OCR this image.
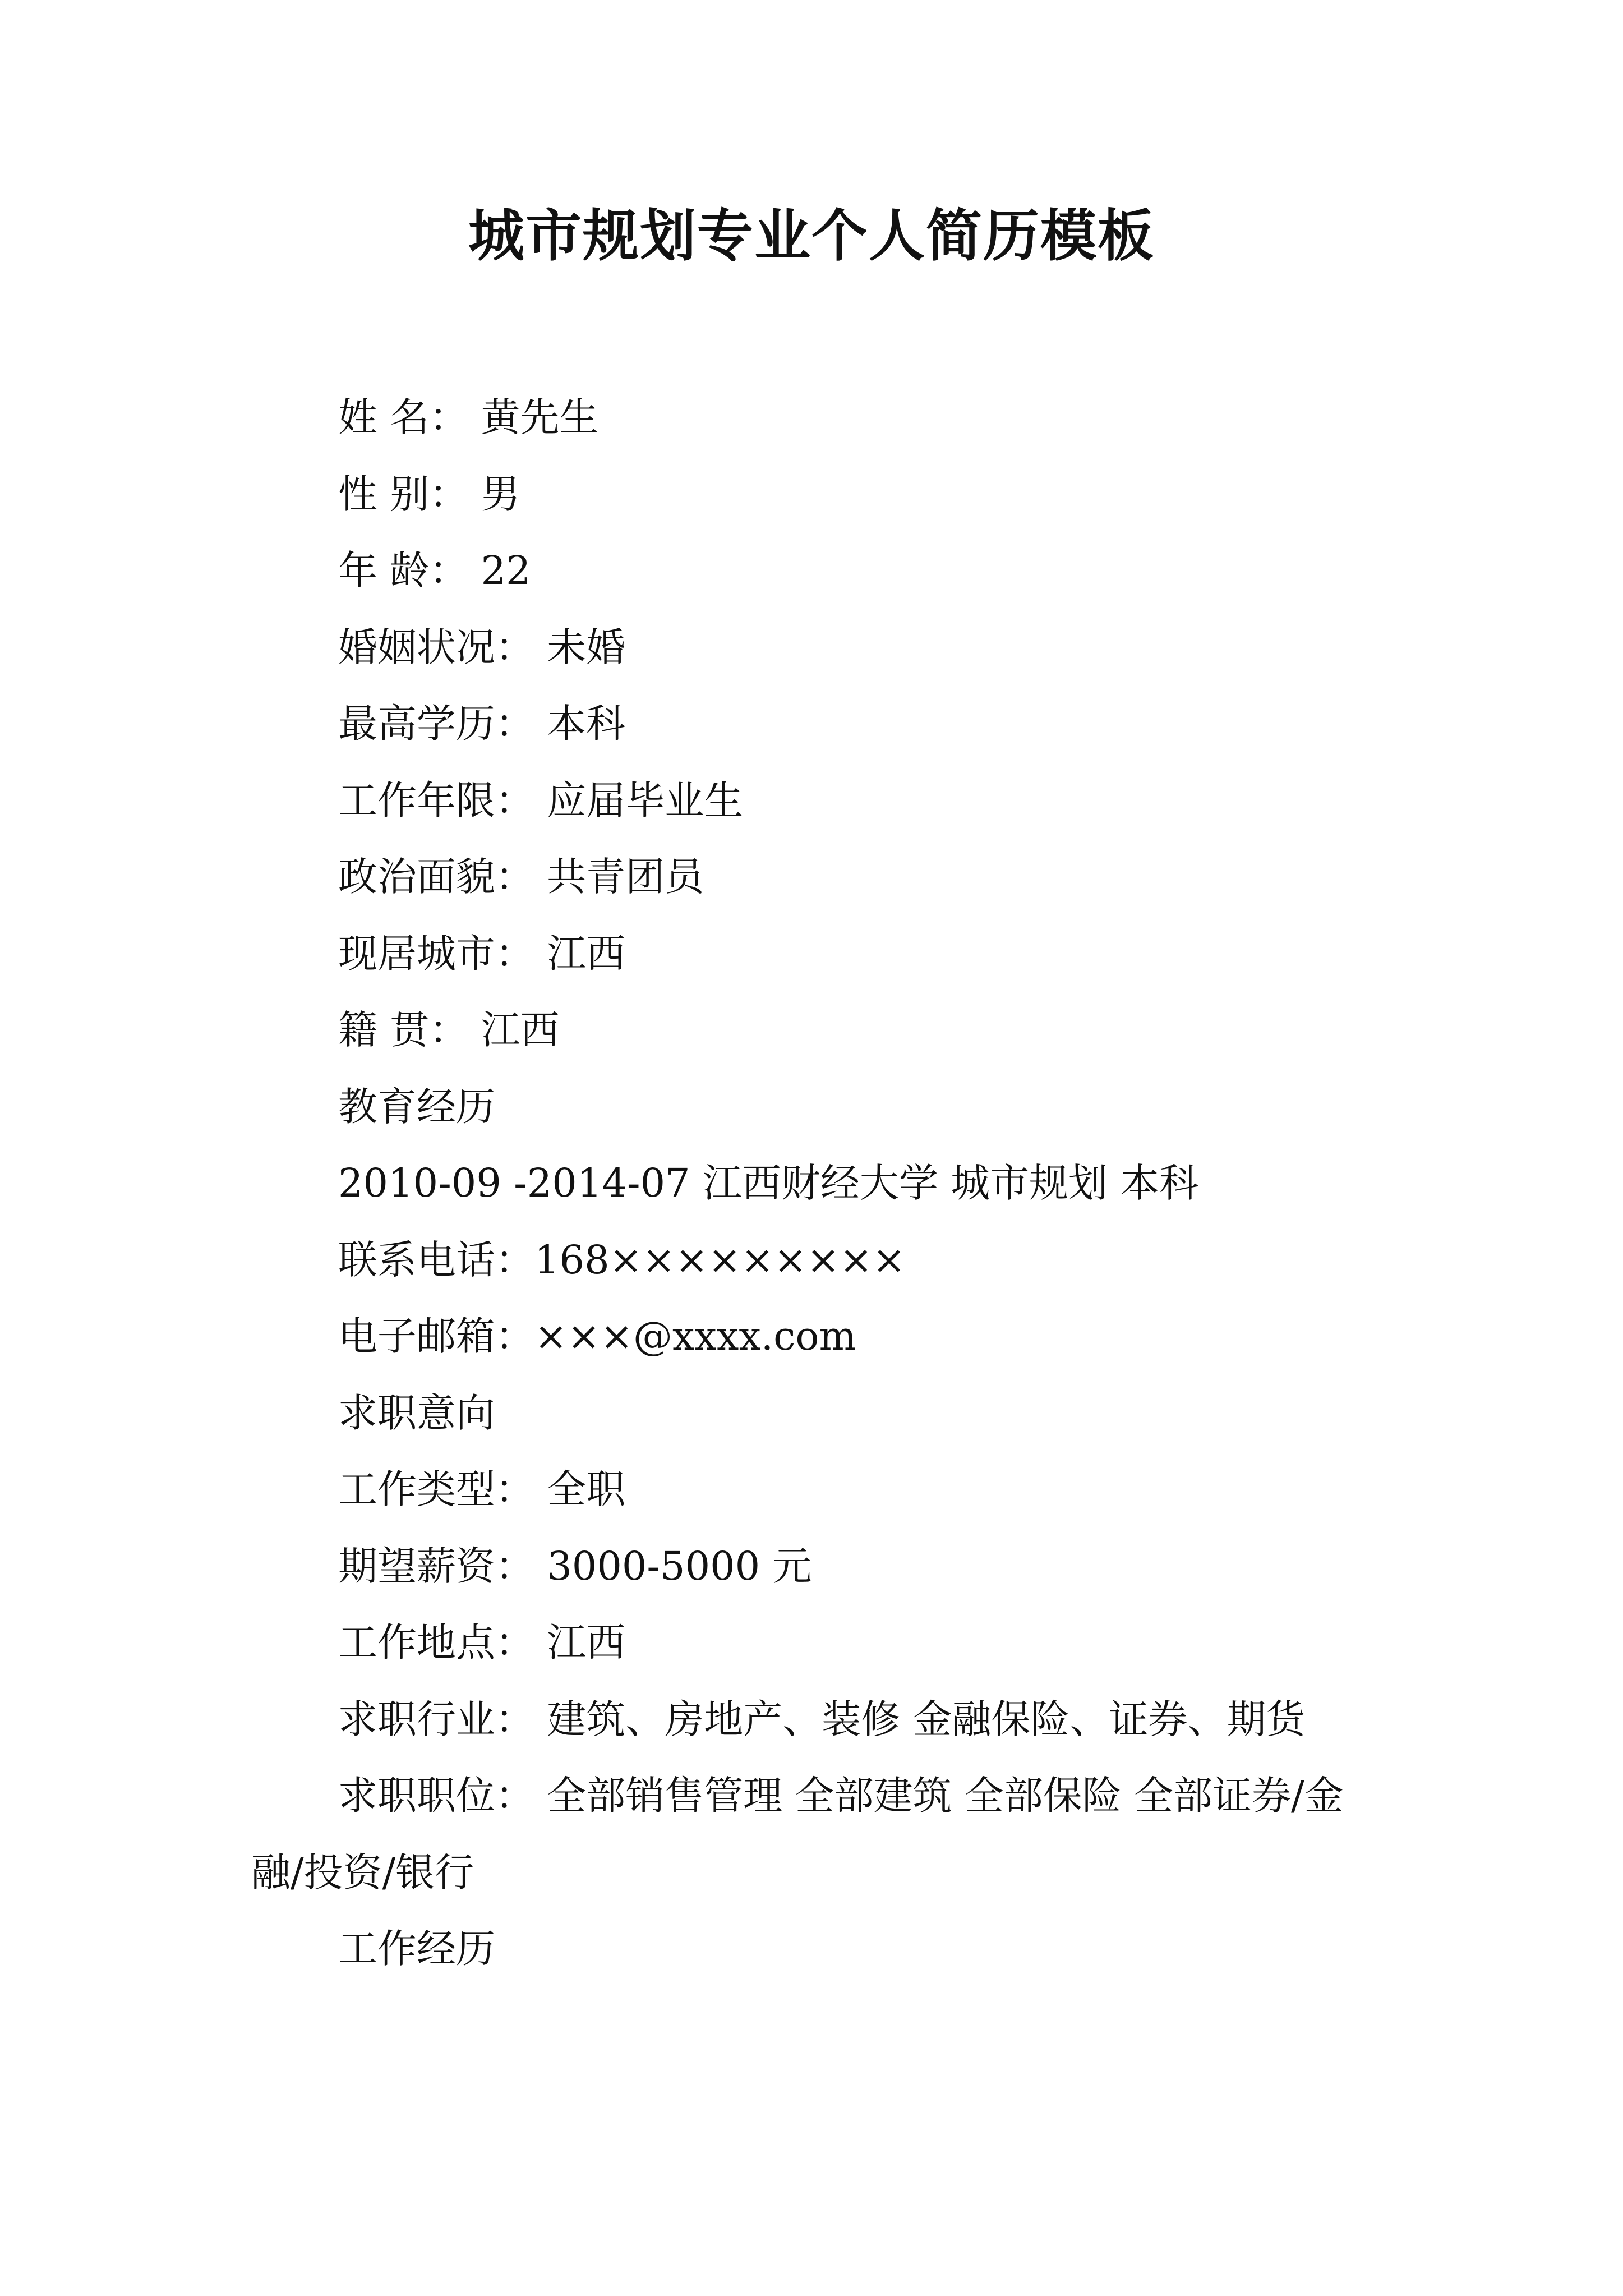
城市规划专业个人简历模板

姓 名： 黄先生

性 别： 男

年 龄： 22

婚姻状况： 未婚

最高学历： 本科

工作年限： 应届毕业生

政治面貌： 共青团员

现居城市： 江西

籍 贯： 江西

教育经历

2010-09 -2014-07 江西财经大学 城市规划 本科

联系电话：168×××××××××

电子邮箱：×××@xxxx.com

求职意向

工作类型： 全职

期望薪资： 3000-5000 元

工作地点： 江西

求职行业： 建筑、房地产、装修 金融保险、证券、期货

求职职位： 全部销售管理 全部建筑 全部保险 全部证券/金融/投资/银行

工作经历
